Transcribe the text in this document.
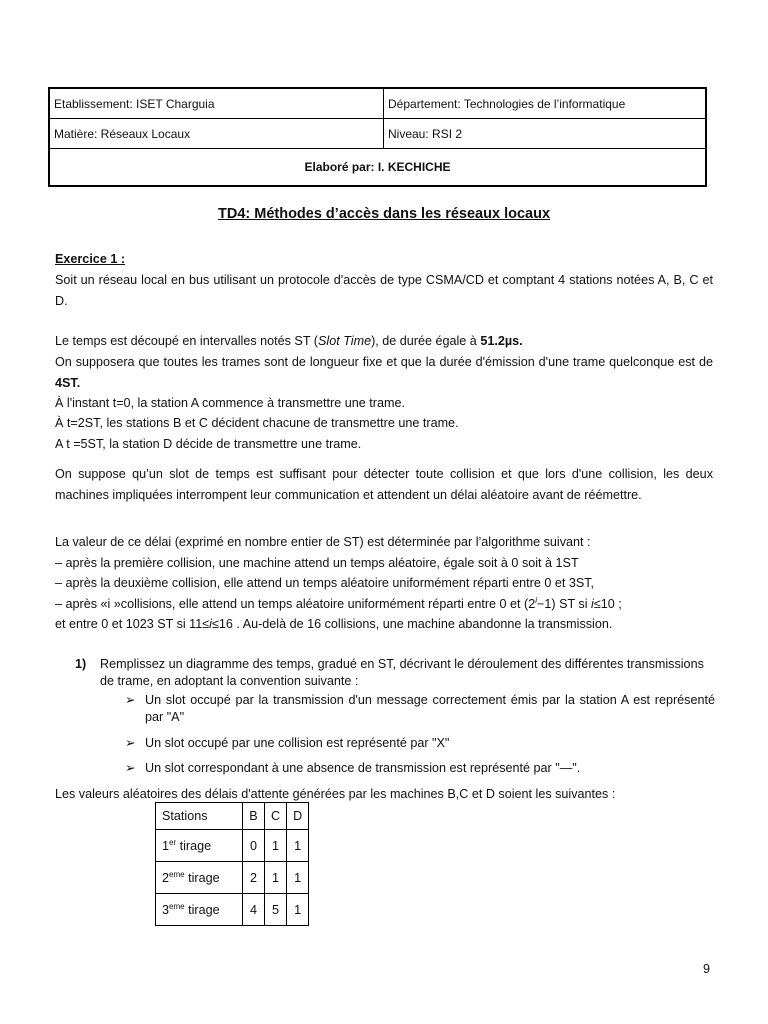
Etablissement: ISET Charguia	Département: Technologies de l’informatique
Matière: Réseaux Locaux	Niveau: RSI 2
Elaboré par: I. KECHICHE	
TD4: Méthodes d’accès dans les réseaux locaux
Exercice 1 :
Soit un réseau local en bus utilisant un protocole d'accès de type CSMA/CD et comptant 4 stations notées A, B, C et D.
Le temps est découpé en intervalles notés ST (Slot Time), de durée égale à 51.2µs.
On supposera que toutes les trames sont de longueur fixe et que la durée d'émission d'une trame quelconque est de 4ST.
À l'instant t=0, la station A commence à transmettre une trame.
À t=2ST, les stations B et C décident chacune de transmettre une trame.
A t =5ST, la station D décide de transmettre une trame.
On suppose qu’un slot de temps est suffisant pour détecter toute collision et que lors d'une collision, les deux machines impliquées interrompent leur communication et attendent un délai aléatoire avant de réémettre.
La valeur de ce délai (exprimé en nombre entier de ST) est déterminée par l’algorithme suivant :
– après la première collision, une machine attend un temps aléatoire, égale soit à 0 soit à 1ST
– après la deuxième collision, elle attend un temps aléatoire uniformément réparti entre 0 et 3ST,
– après «i »collisions, elle attend un temps aléatoire uniformément réparti entre 0 et $(2^i-1)$ ST si i≤10 ;
et entre 0 et 1023 ST si 11≤i≤16 . Au-delà de 16 collisions, une machine abandonne la transmission.
1) Remplissez un diagramme des temps, gradué en ST, décrivant le déroulement des différentes transmissions de trame, en adoptant la convention suivante :
➢ Un slot occupé par la transmission d'un message correctement émis par la station A est représenté par "A"
➢ Un slot occupé par une collision est représenté par "X"
➢ Un slot correspondant à une absence de transmission est représenté par "—".
Les valeurs aléatoires des délais d'attente générées par les machines B,C et D soient les suivantes :
Stations	B	C	D
1er tirage	0	1	1
2eme tirage	2	1	1
3eme tirage	4	5	1
9
